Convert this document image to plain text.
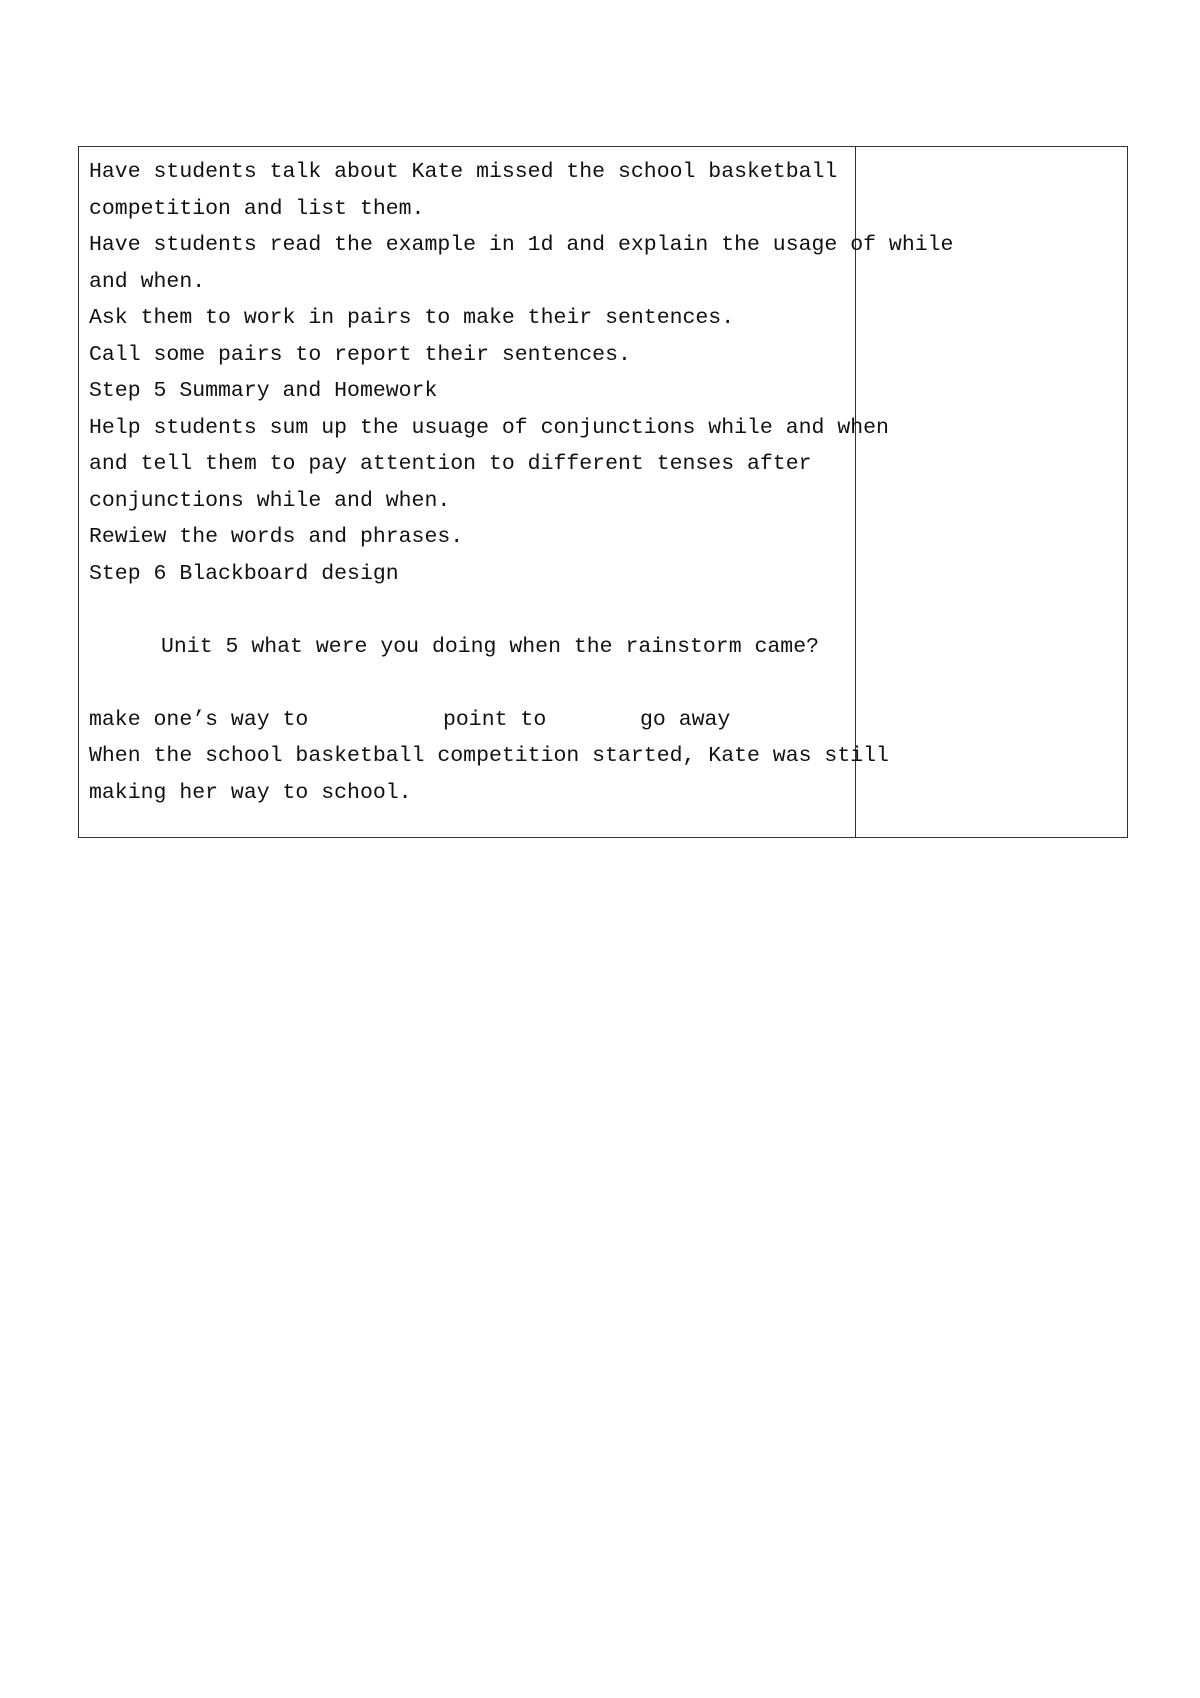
Have students talk about Kate missed the school basketball
competition and list them.
Have students read the example in 1d and explain the usage of while
and when.
Ask them to work in pairs to make their sentences.
Call some pairs to report their sentences.
Step 5 Summary and Homework
Help students sum up the usuage of conjunctions while and when
and tell them to pay attention to different tenses after
conjunctions while and when.
Rewiew the words and phrases.
Step 6 Blackboard design
Unit 5 what were you doing when the rainstorm came?
make one’s way to	point to	go away
When the school basketball competition started, Kate was still
making her way to school.
